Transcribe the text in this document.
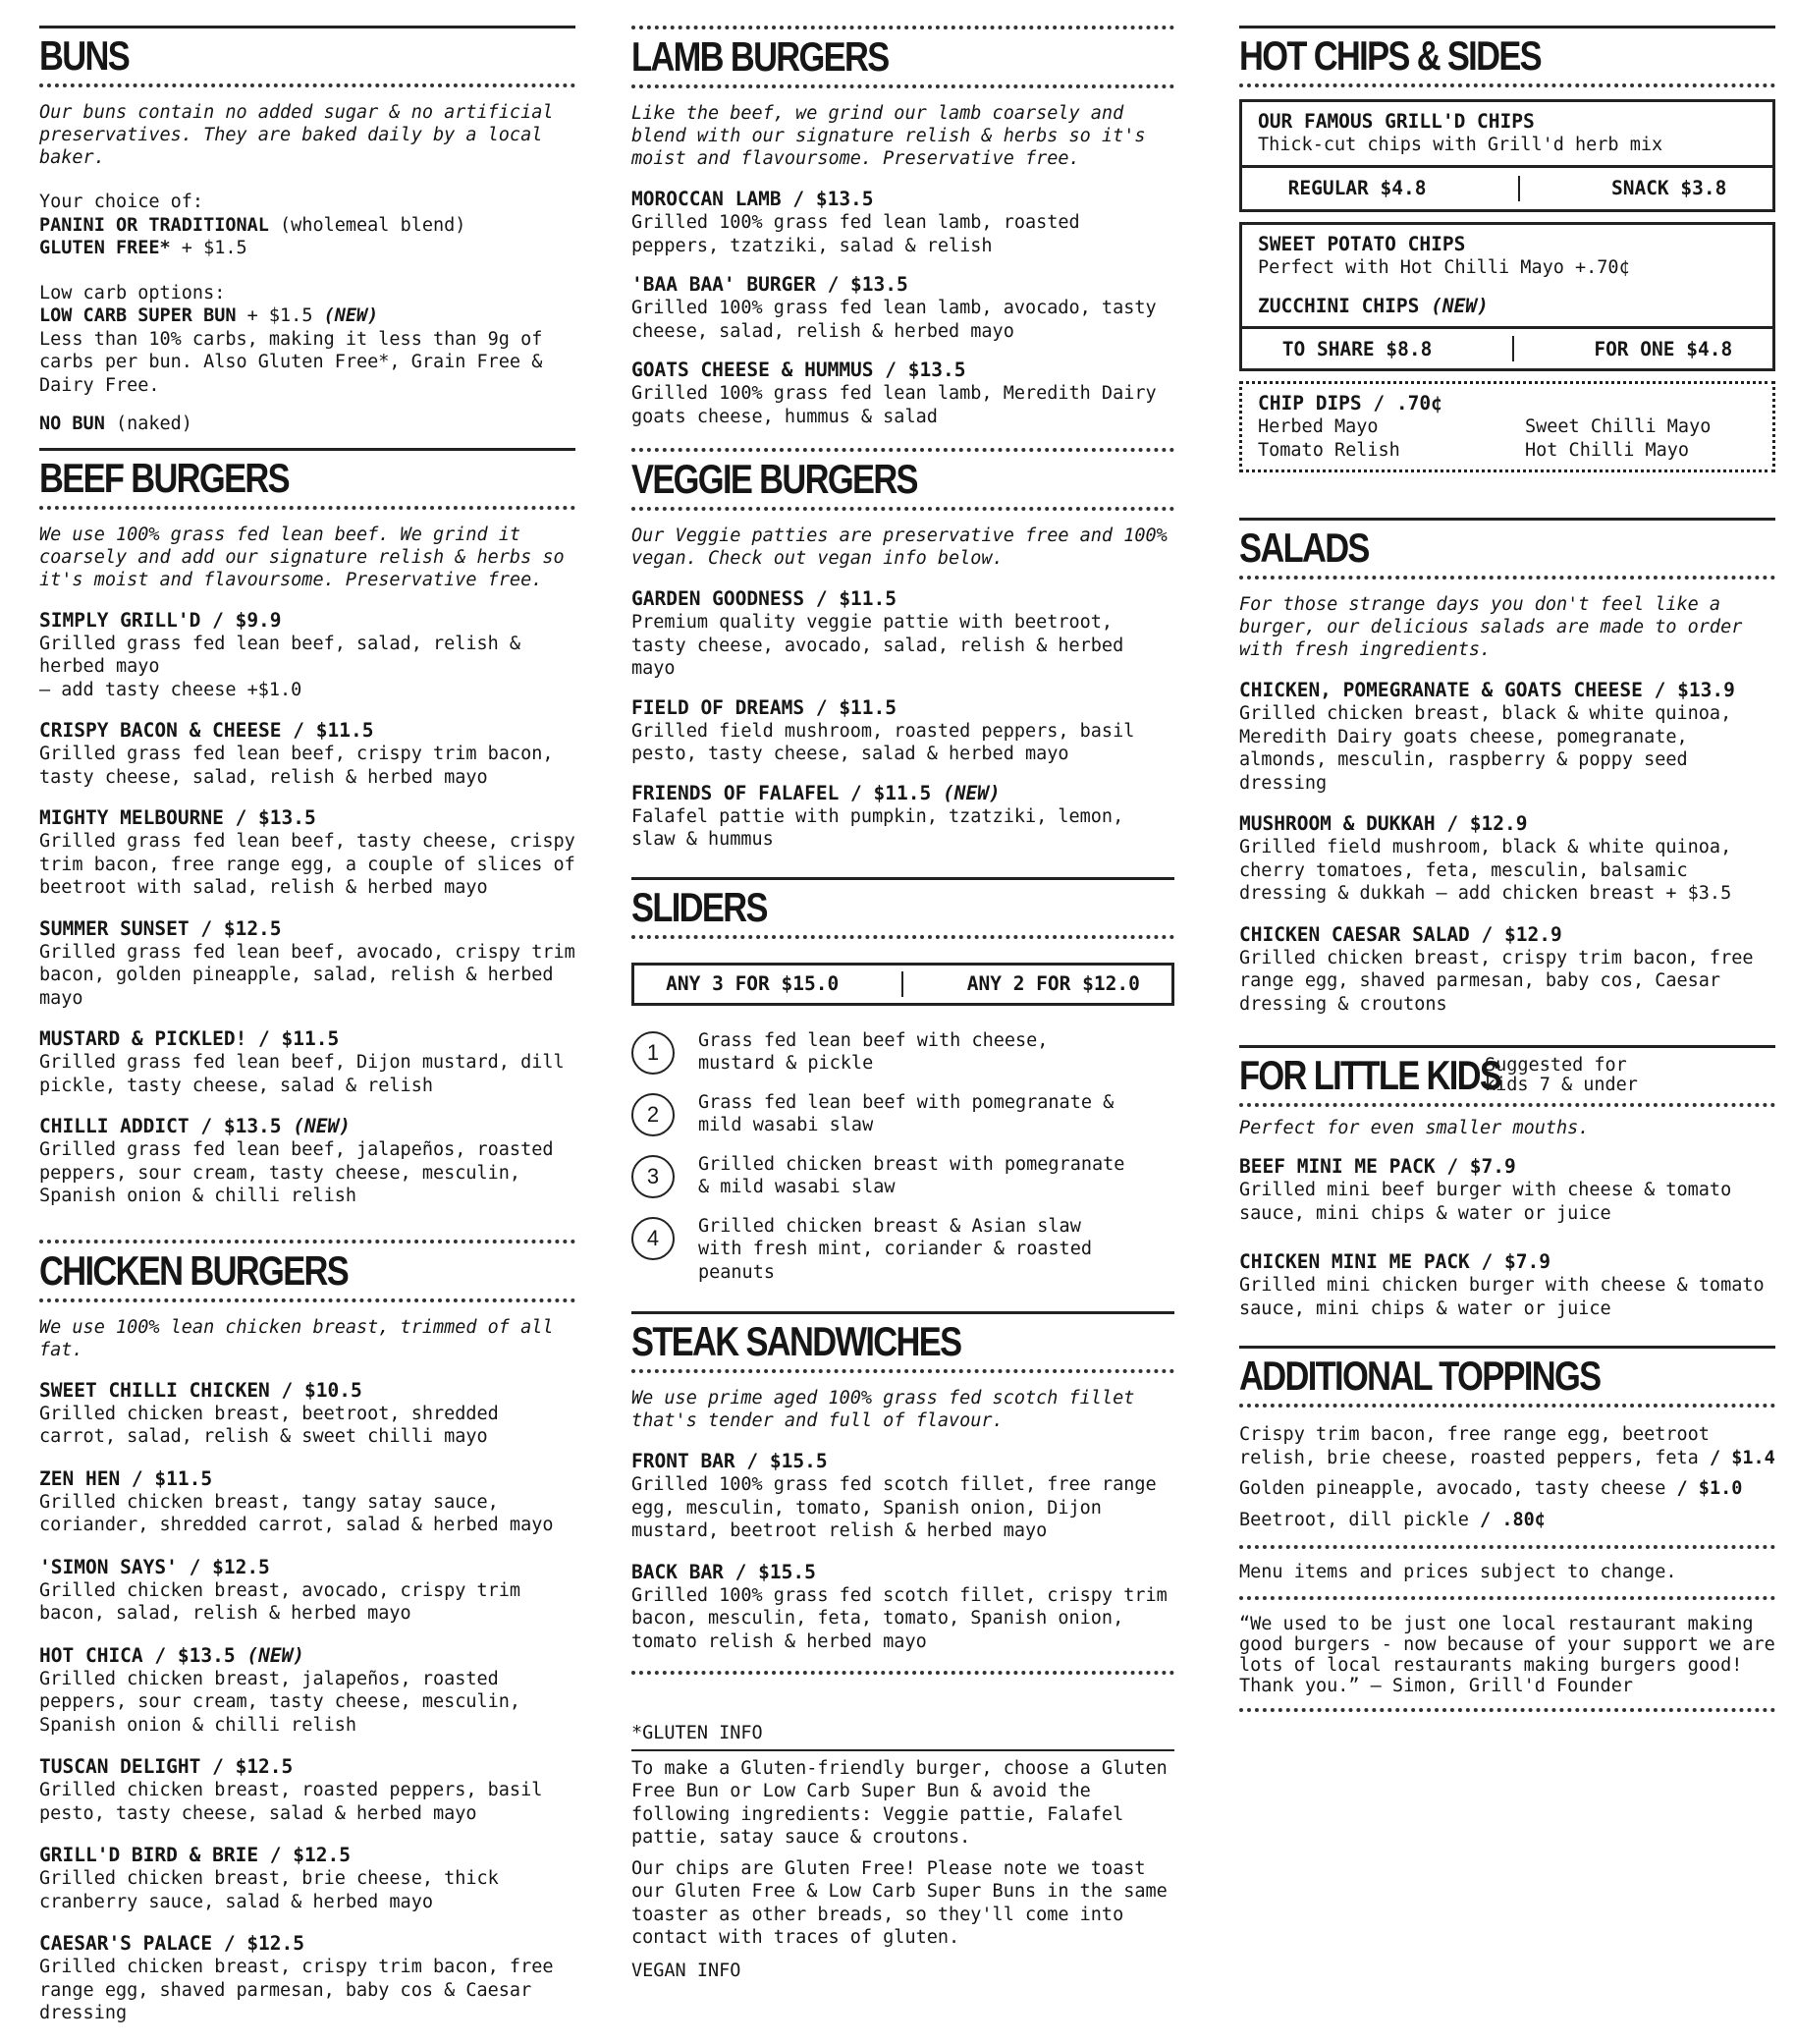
BUNS
Our buns contain no added sugar & no artificial preservatives. They are baked daily by a local baker.
Your choice of:
PANINI OR TRADITIONAL (wholemeal blend)
GLUTEN FREE* + $1.5
Low carb options:
LOW CARB SUPER BUN + $1.5 (NEW)
Less than 10% carbs, making it less than 9g of carbs per bun. Also Gluten Free*, Grain Free & Dairy Free.
NO BUN (naked)
BEEF BURGERS
We use 100% grass fed lean beef. We grind it coarsely and add our signature relish & herbs so it's moist and flavoursome. Preservative free.
SIMPLY GRILL'D / $9.9
Grilled grass fed lean beef, salad, relish & herbed mayo
– add tasty cheese +$1.0
CRISPY BACON & CHEESE / $11.5
Grilled grass fed lean beef, crispy trim bacon, tasty cheese, salad, relish & herbed mayo
MIGHTY MELBOURNE / $13.5
Grilled grass fed lean beef, tasty cheese, crispy trim bacon, free range egg, a couple of slices of beetroot with salad, relish & herbed mayo
SUMMER SUNSET / $12.5
Grilled grass fed lean beef, avocado, crispy trim bacon, golden pineapple, salad, relish & herbed mayo
MUSTARD & PICKLED! / $11.5
Grilled grass fed lean beef, Dijon mustard, dill pickle, tasty cheese, salad & relish
CHILLI ADDICT / $13.5 (NEW)
Grilled grass fed lean beef, jalapeños, roasted peppers, sour cream, tasty cheese, mesculin, Spanish onion & chilli relish
CHICKEN BURGERS
We use 100% lean chicken breast, trimmed of all fat.
SWEET CHILLI CHICKEN / $10.5
Grilled chicken breast, beetroot, shredded carrot, salad, relish & sweet chilli mayo
ZEN HEN / $11.5
Grilled chicken breast, tangy satay sauce, coriander, shredded carrot, salad & herbed mayo
'SIMON SAYS' / $12.5
Grilled chicken breast, avocado, crispy trim bacon, salad, relish & herbed mayo
HOT CHICA / $13.5 (NEW)
Grilled chicken breast, jalapeños, roasted peppers, sour cream, tasty cheese, mesculin, Spanish onion & chilli relish
TUSCAN DELIGHT / $12.5
Grilled chicken breast, roasted peppers, basil pesto, tasty cheese, salad & herbed mayo
GRILL'D BIRD & BRIE / $12.5
Grilled chicken breast, brie cheese, thick cranberry sauce, salad & herbed mayo
CAESAR'S PALACE / $12.5
Grilled chicken breast, crispy trim bacon, free range egg, shaved parmesan, baby cos & Caesar dressing
LAMB BURGERS
Like the beef, we grind our lamb coarsely and blend with our signature relish & herbs so it's moist and flavoursome. Preservative free.
MOROCCAN LAMB / $13.5
Grilled 100% grass fed lean lamb, roasted peppers, tzatziki, salad & relish
'BAA BAA' BURGER / $13.5
Grilled 100% grass fed lean lamb, avocado, tasty cheese, salad, relish & herbed mayo
GOATS CHEESE & HUMMUS / $13.5
Grilled 100% grass fed lean lamb, Meredith Dairy goats cheese, hummus & salad
VEGGIE BURGERS
Our Veggie patties are preservative free and 100% vegan. Check out vegan info below.
GARDEN GOODNESS / $11.5
Premium quality veggie pattie with beetroot, tasty cheese, avocado, salad, relish & herbed mayo
FIELD OF DREAMS / $11.5
Grilled field mushroom, roasted peppers, basil pesto, tasty cheese, salad & herbed mayo
FRIENDS OF FALAFEL / $11.5 (NEW)
Falafel pattie with pumpkin, tzatziki, lemon, slaw & hummus
SLIDERS
ANY 3 FOR $15.0	ANY 2 FOR $12.0
1	Grass fed lean beef with cheese, mustard & pickle
2	Grass fed lean beef with pomegranate & mild wasabi slaw
3	Grilled chicken breast with pomegranate & mild wasabi slaw
4	Grilled chicken breast & Asian slaw with fresh mint, coriander & roasted peanuts
STEAK SANDWICHES
We use prime aged 100% grass fed scotch fillet that's tender and full of flavour.
FRONT BAR / $15.5
Grilled 100% grass fed scotch fillet, free range egg, mesculin, tomato, Spanish onion, Dijon mustard, beetroot relish & herbed mayo
BACK BAR / $15.5
Grilled 100% grass fed scotch fillet, crispy trim bacon, mesculin, feta, tomato, Spanish onion, tomato relish & herbed mayo
*GLUTEN INFO
To make a Gluten-friendly burger, choose a Gluten Free Bun or Low Carb Super Bun & avoid the following ingredients: Veggie pattie, Falafel pattie, satay sauce & croutons.
Our chips are Gluten Free! Please note we toast our Gluten Free & Low Carb Super Buns in the same toaster as other breads, so they'll come into contact with traces of gluten.
VEGAN INFO
HOT CHIPS & SIDES
OUR FAMOUS GRILL'D CHIPS
Thick-cut chips with Grill'd herb mix
REGULAR $4.8	SNACK $3.8
SWEET POTATO CHIPS
Perfect with Hot Chilli Mayo +.70¢
ZUCCHINI CHIPS (NEW)
TO SHARE $8.8	FOR ONE $4.8
CHIP DIPS / .70¢
Herbed Mayo
Tomato Relish
Sweet Chilli Mayo
Hot Chilli Mayo
SALADS
For those strange days you don't feel like a burger, our delicious salads are made to order with fresh ingredients.
CHICKEN, POMEGRANATE & GOATS CHEESE / $13.9
Grilled chicken breast, black & white quinoa, Meredith Dairy goats cheese, pomegranate, almonds, mesculin, raspberry & poppy seed dressing
MUSHROOM & DUKKAH / $12.9
Grilled field mushroom, black & white quinoa, cherry tomatoes, feta, mesculin, balsamic dressing & dukkah – add chicken breast + $3.5
CHICKEN CAESAR SALAD / $12.9
Grilled chicken breast, crispy trim bacon, free range egg, shaved parmesan, baby cos, Caesar dressing & croutons
FOR LITTLE KIDS
Suggested for kids 7 & under
Perfect for even smaller mouths.
BEEF MINI ME PACK / $7.9
Grilled mini beef burger with cheese & tomato sauce, mini chips & water or juice
CHICKEN MINI ME PACK / $7.9
Grilled mini chicken burger with cheese & tomato sauce, mini chips & water or juice
ADDITIONAL TOPPINGS
Crispy trim bacon, free range egg, beetroot relish, brie cheese, roasted peppers, feta / $1.4
Golden pineapple, avocado, tasty cheese / $1.0
Beetroot, dill pickle / .80¢
Menu items and prices subject to change.
“We used to be just one local restaurant making good burgers - now because of your support we are lots of local restaurants making burgers good! Thank you.” – Simon, Grill'd Founder
